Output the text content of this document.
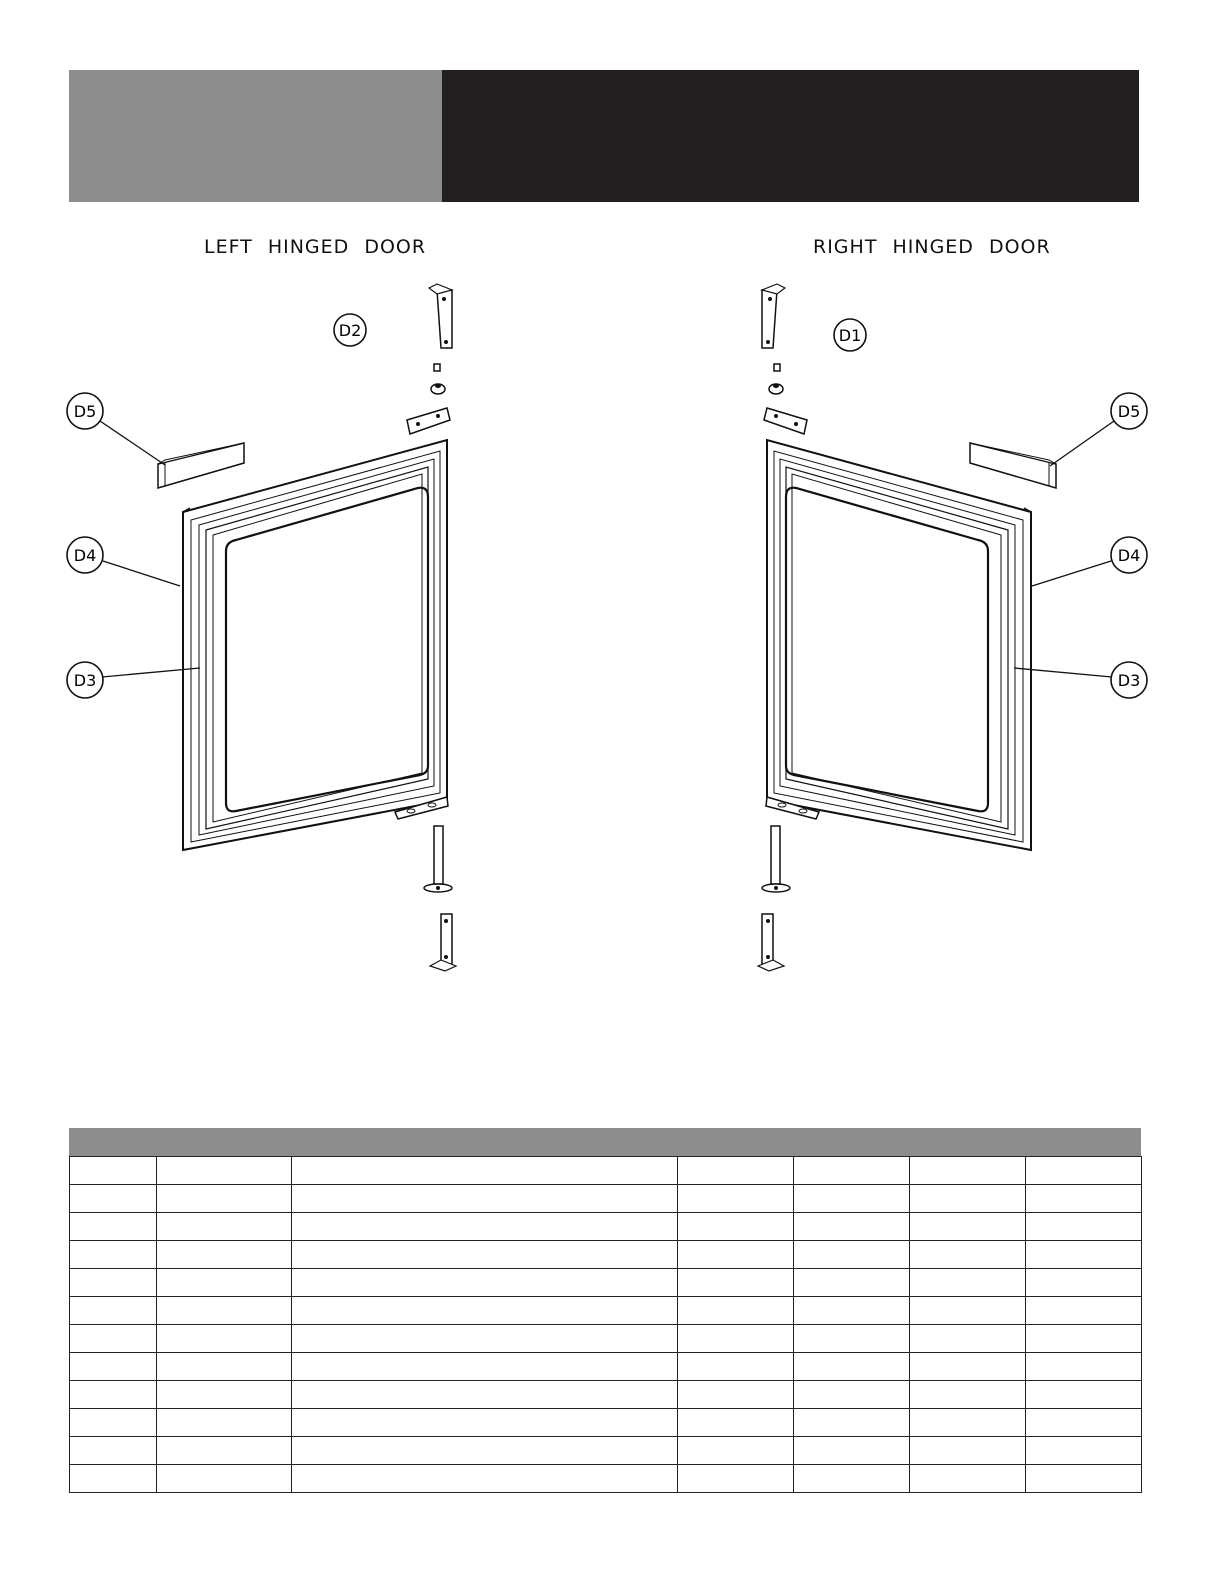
LEFT HINGED DOOR	RIGHT HINGED DOOR
D2
D5
D4
D3
D1
D5
D4
D3
